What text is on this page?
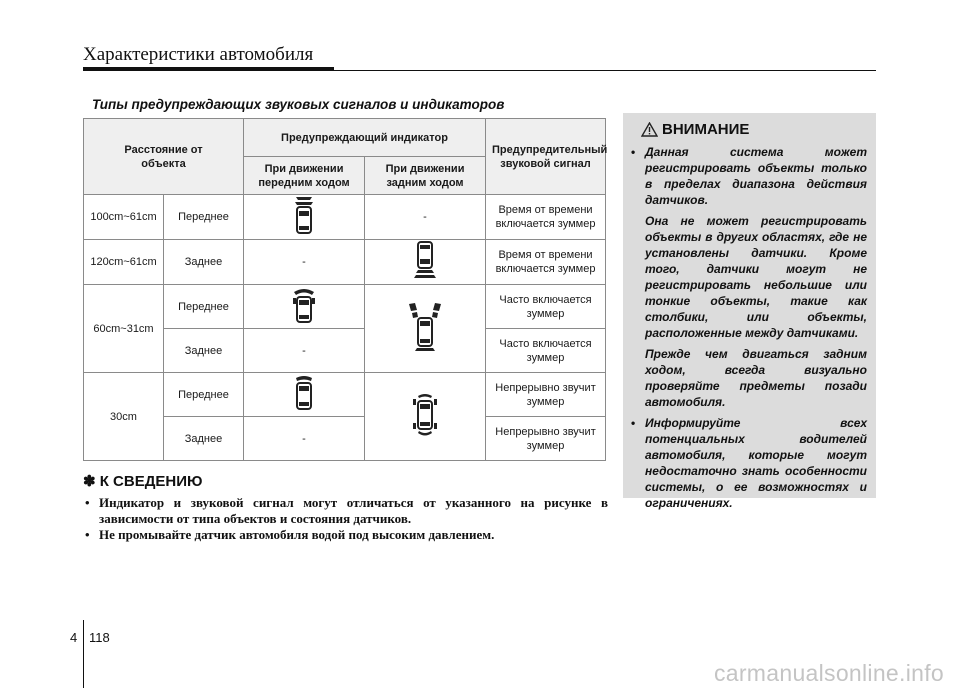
Характеристики автомобиля
Типы предупреждающих звуковых сигналов и индикаторов
Расстояние от объекта		Предупреждающий индикатор		Предупредительный звуковой сигнал
		При движении передним ходом	При движении задним ходом	
100cm~61cm	Переднее		-	Время от времени включается зуммер
120cm~61cm	Заднее	-		Время от времени включается зуммер
60cm~31cm	Переднее			Часто включается зуммер
	Заднее	-		Часто включается зуммер
30cm	Переднее			Непрерывно звучит зуммер
	Заднее	-		Непрерывно звучит зуммер
✽ К СВЕДЕНИЮ
• Индикатор и звуковой сигнал могут отличаться от указанного на рисунке в зависимости от типа объектов и состояния датчиков.
• Не промывайте датчик автомобиля водой под высоким давлением.
ВНИМАНИЕ

• Данная система может регистрировать объекты только в пределах диапазона действия датчиков.

Она не может регистрировать объекты в других областях, где не установлены датчики. Кроме того, датчики могут не регистрировать небольшие или тонкие объекты, такие как столбики, или объекты, расположенные между датчиками.

Прежде чем двигаться задним ходом, всегда визуально проверяйте предметы позади автомобиля.

• Информируйте всех потенциальных водителей автомобиля, которые могут недостаточно знать особенности системы, о ее возможностях и ограничениях.

4 118
carmanualsonline.info
